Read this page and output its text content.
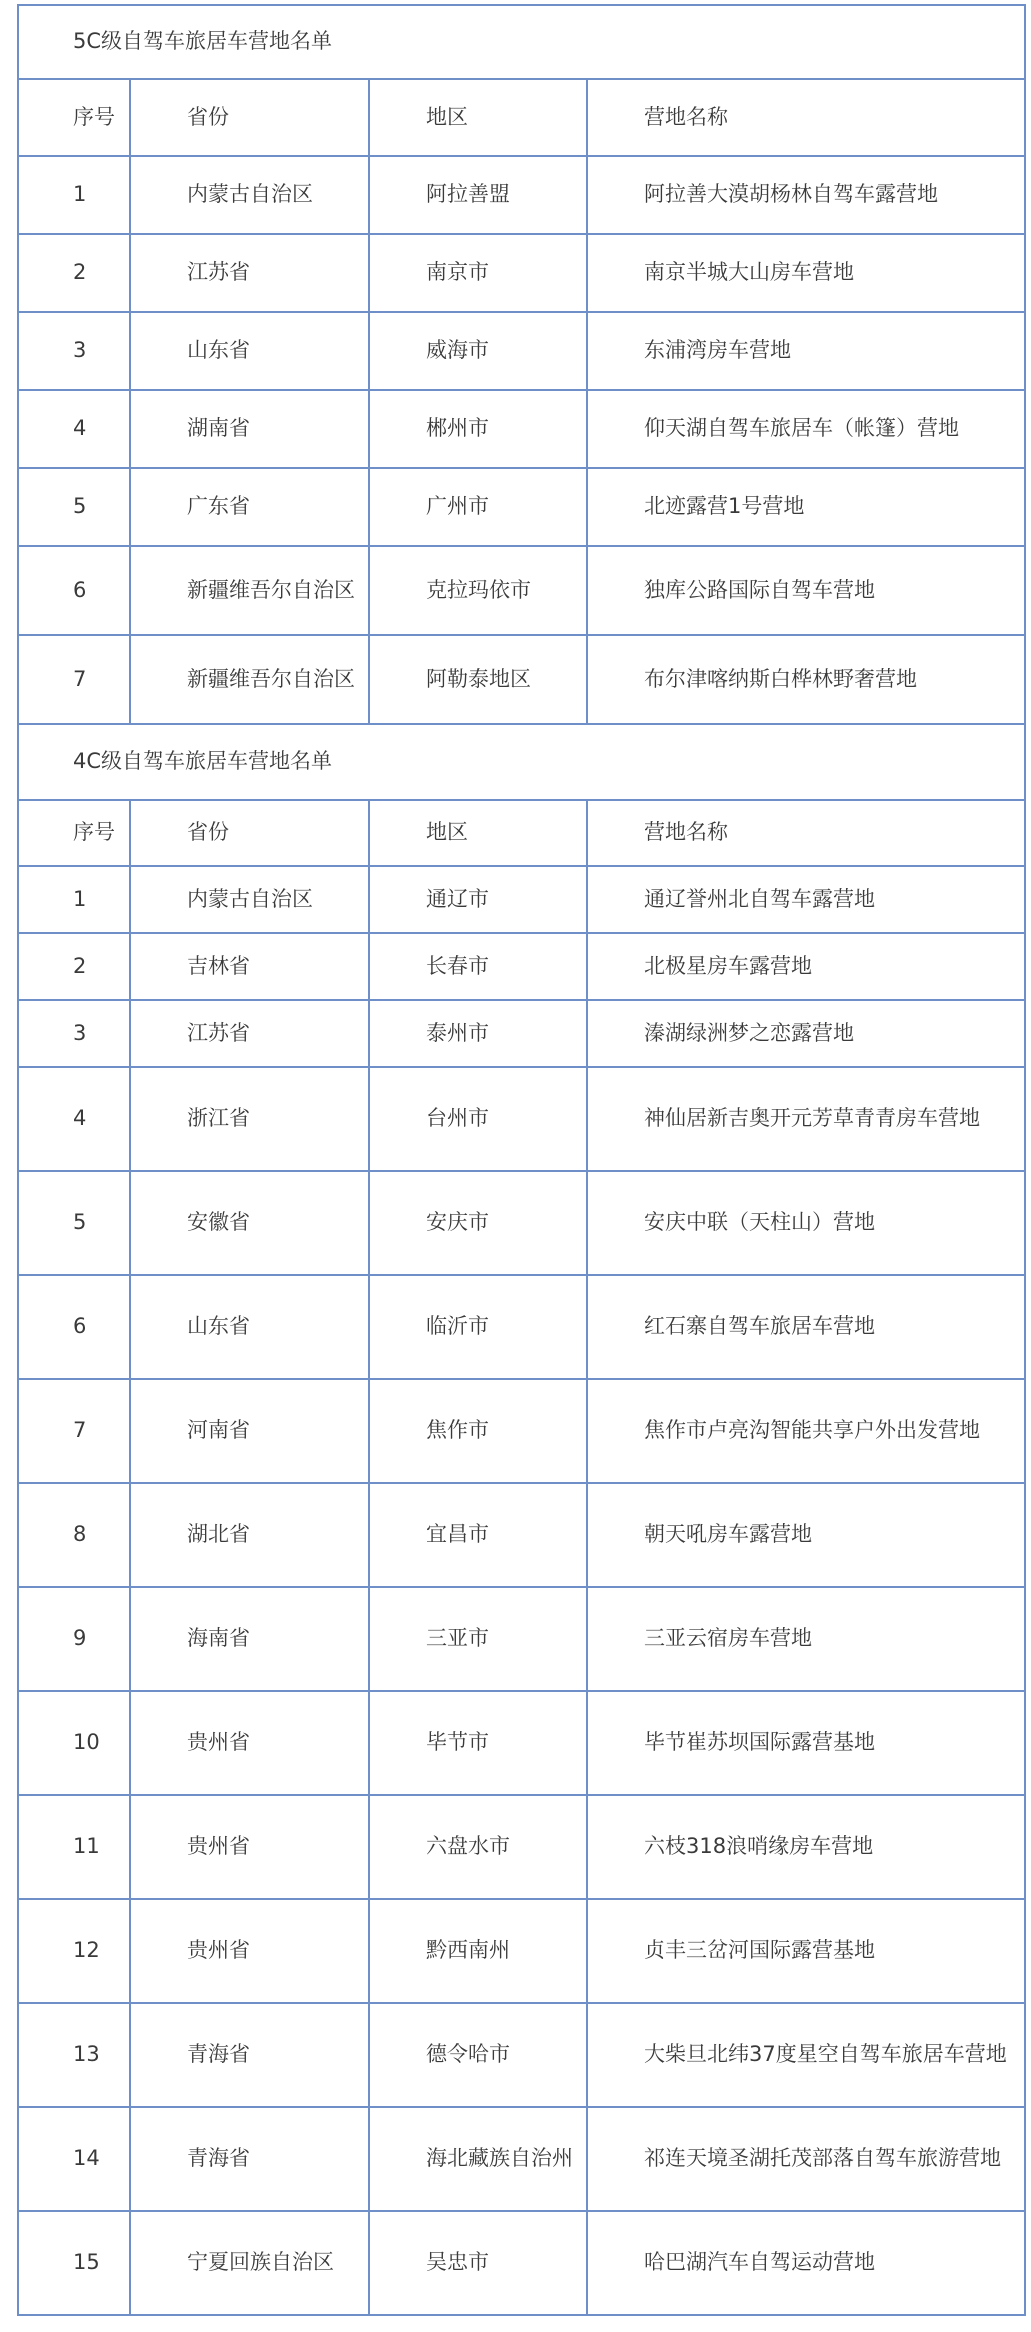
5C级自驾车旅居车营地名单			
序号	省份	地区	营地名称
1	内蒙古自治区	阿拉善盟	阿拉善大漠胡杨林自驾车露营地
2	江苏省	南京市	南京半城大山房车营地
3	山东省	威海市	东浦湾房车营地
4	湖南省	郴州市	仰天湖自驾车旅居车（帐篷）营地
5	广东省	广州市	北迹露营1号营地
6	新疆维吾尔自治区	克拉玛依市	独库公路国际自驾车营地
7	新疆维吾尔自治区	阿勒泰地区	布尔津喀纳斯白桦林野奢营地
4C级自驾车旅居车营地名单			
序号	省份	地区	营地名称
1	内蒙古自治区	通辽市	通辽誉州北自驾车露营地
2	吉林省	长春市	北极星房车露营地
3	江苏省	泰州市	溱湖绿洲梦之恋露营地
4	浙江省	台州市	神仙居新吉奥开元芳草青青房车营地
5	安徽省	安庆市	安庆中联（天柱山）营地
6	山东省	临沂市	红石寨自驾车旅居车营地
7	河南省	焦作市	焦作市卢亮沟智能共享户外出发营地
8	湖北省	宜昌市	朝天吼房车露营地
9	海南省	三亚市	三亚云宿房车营地
10	贵州省	毕节市	毕节崔苏坝国际露营基地
11	贵州省	六盘水市	六枝318浪哨缘房车营地
12	贵州省	黔西南州	贞丰三岔河国际露营基地
13	青海省	德令哈市	大柴旦北纬37度星空自驾车旅居车营地
14	青海省	海北藏族自治州	祁连天境圣湖托茂部落自驾车旅游营地
15	宁夏回族自治区	吴忠市	哈巴湖汽车自驾运动营地
